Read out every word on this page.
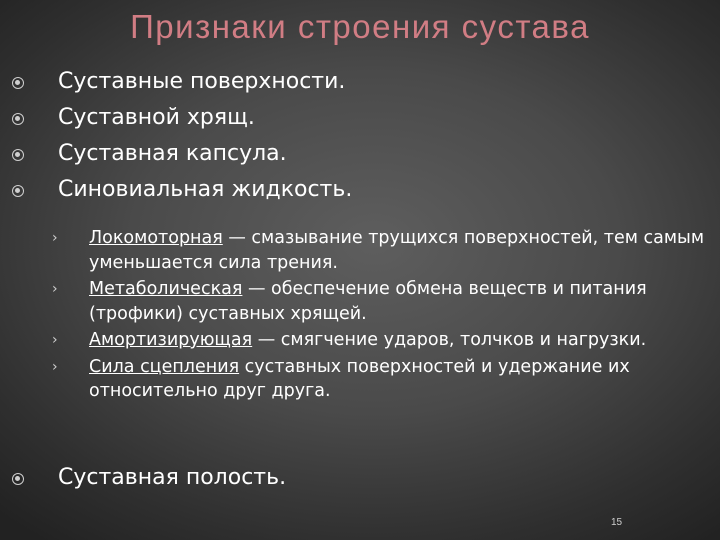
Признаки строения сустава
Суставные поверхности.
Суставной хрящ.
Суставная капсула.
Синовиальная жидкость.
› Локомоторная — смазывание трущихся поверхностей, тем самым уменьшается сила трения.
› Метаболическая — обеспечение обмена веществ и питания (трофики) суставных хрящей.
› Амортизирующая — смягчение ударов, толчков и нагрузки.
› Сила сцепления суставных поверхностей и удержание их относительно друг друга.
Суставная полость.
15
